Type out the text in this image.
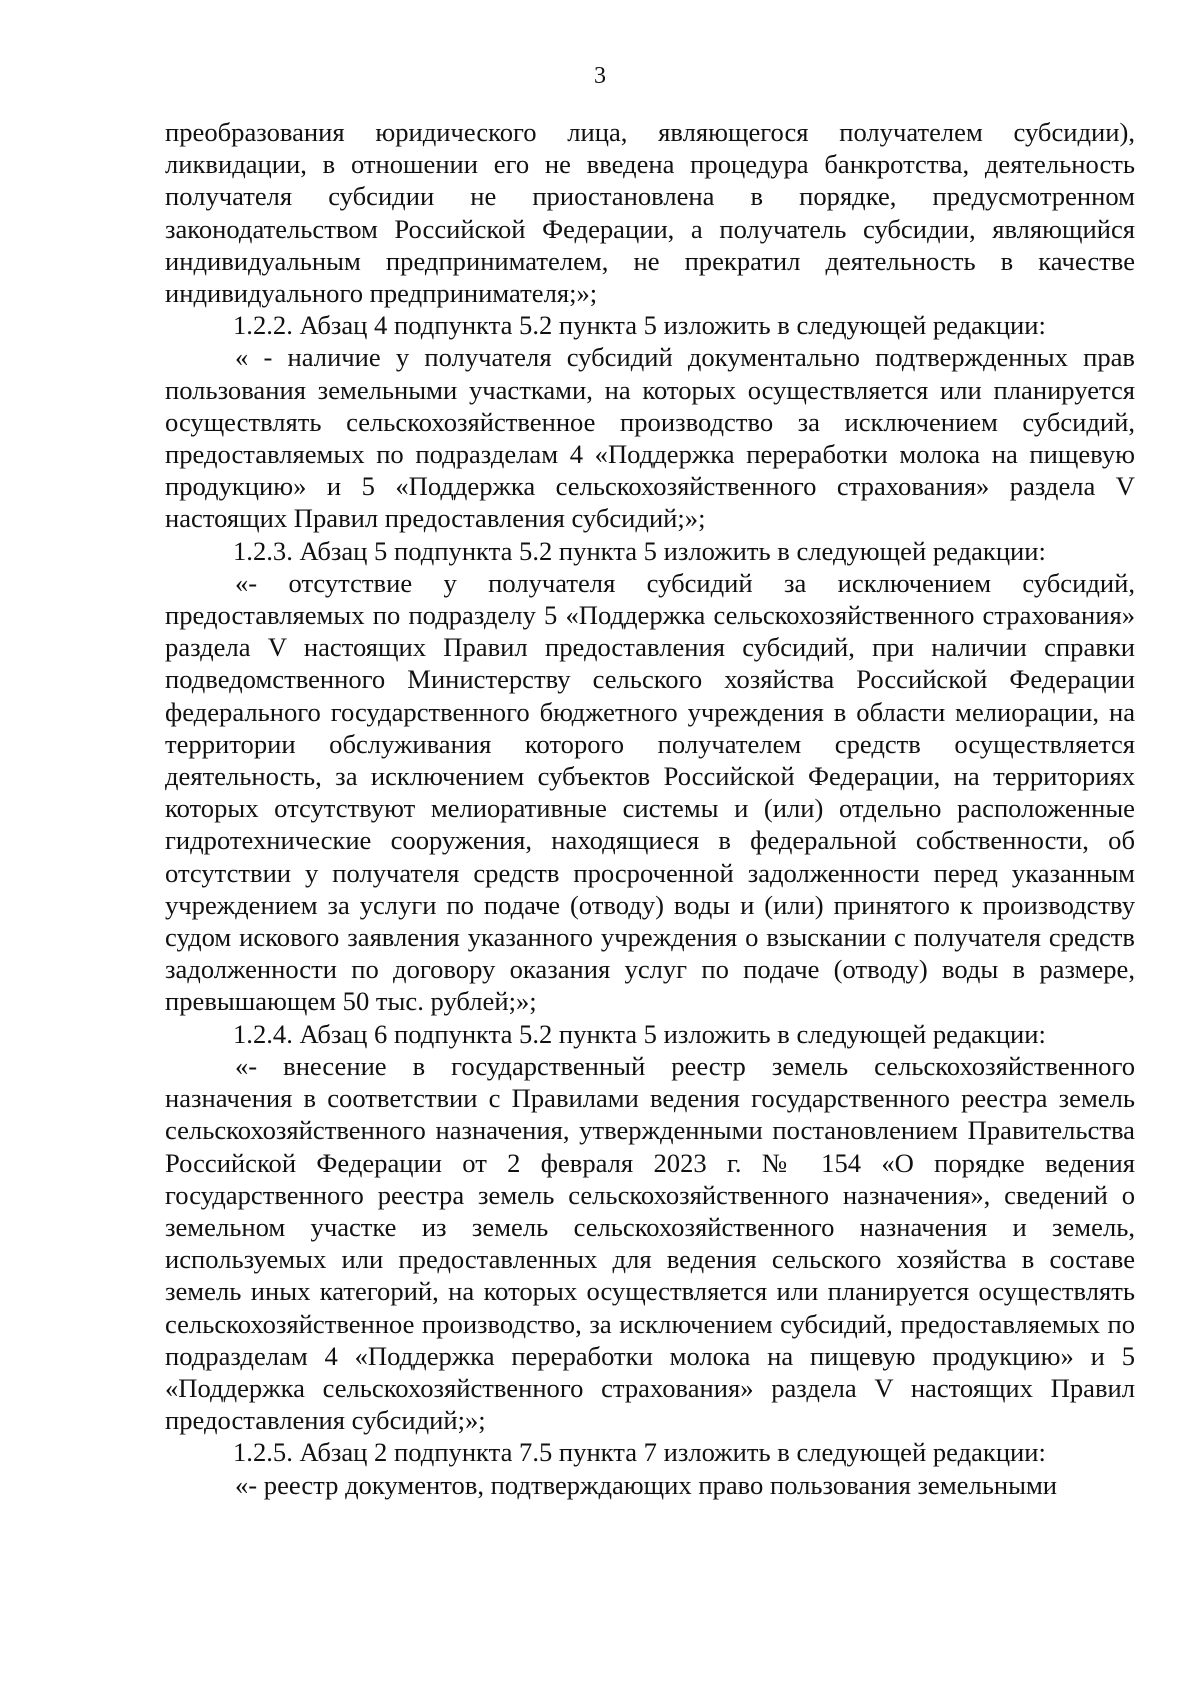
3

преобразования юридического лица, являющегося получателем субсидии), ликвидации, в отношении его не введена процедура банкротства, деятельность получателя субсидии не приостановлена в порядке, предусмотренном законодательством Российской Федерации, а получатель субсидии, являющийся индивидуальным предпринимателем, не прекратил деятельность в качестве индивидуального предпринимателя;»;

1.2.2. Абзац 4 подпункта 5.2 пункта 5 изложить в следующей редакции:

« - наличие у получателя субсидий документально подтвержденных прав пользования земельными участками, на которых осуществляется или планируется осуществлять сельскохозяйственное производство за исключением субсидий, предоставляемых по подразделам 4 «Поддержка переработки молока на пищевую продукцию» и 5 «Поддержка сельскохозяйственного страхования» раздела V настоящих Правил предоставления субсидий;»;

1.2.3. Абзац 5 подпункта 5.2 пункта 5 изложить в следующей редакции:

«- отсутствие у получателя субсидий за исключением субсидий, предоставляемых по подразделу 5 «Поддержка сельскохозяйственного страхования» раздела V настоящих Правил предоставления субсидий, при наличии справки подведомственного Министерству сельского хозяйства Российской Федерации федерального государственного бюджетного учреждения в области мелиорации, на территории обслуживания которого получателем средств осуществляется деятельность, за исключением субъектов Российской Федерации, на территориях которых отсутствуют мелиоративные системы и (или) отдельно расположенные гидротехнические сооружения, находящиеся в федеральной собственности, об отсутствии у получателя средств просроченной задолженности перед указанным учреждением за услуги по подаче (отводу) воды и (или) принятого к производству судом искового заявления указанного учреждения о взыскании с получателя средств задолженности по договору оказания услуг по подаче (отводу) воды в размере, превышающем 50 тыс. рублей;»;

1.2.4. Абзац 6 подпункта 5.2 пункта 5 изложить в следующей редакции:

«- внесение в государственный реестр земель сельскохозяйственного назначения в соответствии с Правилами ведения государственного реестра земель сельскохозяйственного назначения, утвержденными постановлением Правительства Российской Федерации от 2 февраля 2023 г. № 154 «О порядке ведения государственного реестра земель сельскохозяйственного назначения», сведений о земельном участке из земель сельскохозяйственного назначения и земель, используемых или предоставленных для ведения сельского хозяйства в составе земель иных категорий, на которых осуществляется или планируется осуществлять сельскохозяйственное производство, за исключением субсидий, предоставляемых по подразделам 4 «Поддержка переработки молока на пищевую продукцию» и 5 «Поддержка сельскохозяйственного страхования» раздела V настоящих Правил предоставления субсидий;»;

1.2.5. Абзац 2 подпункта 7.5 пункта 7 изложить в следующей редакции:

«- реестр документов, подтверждающих право пользования земельными
